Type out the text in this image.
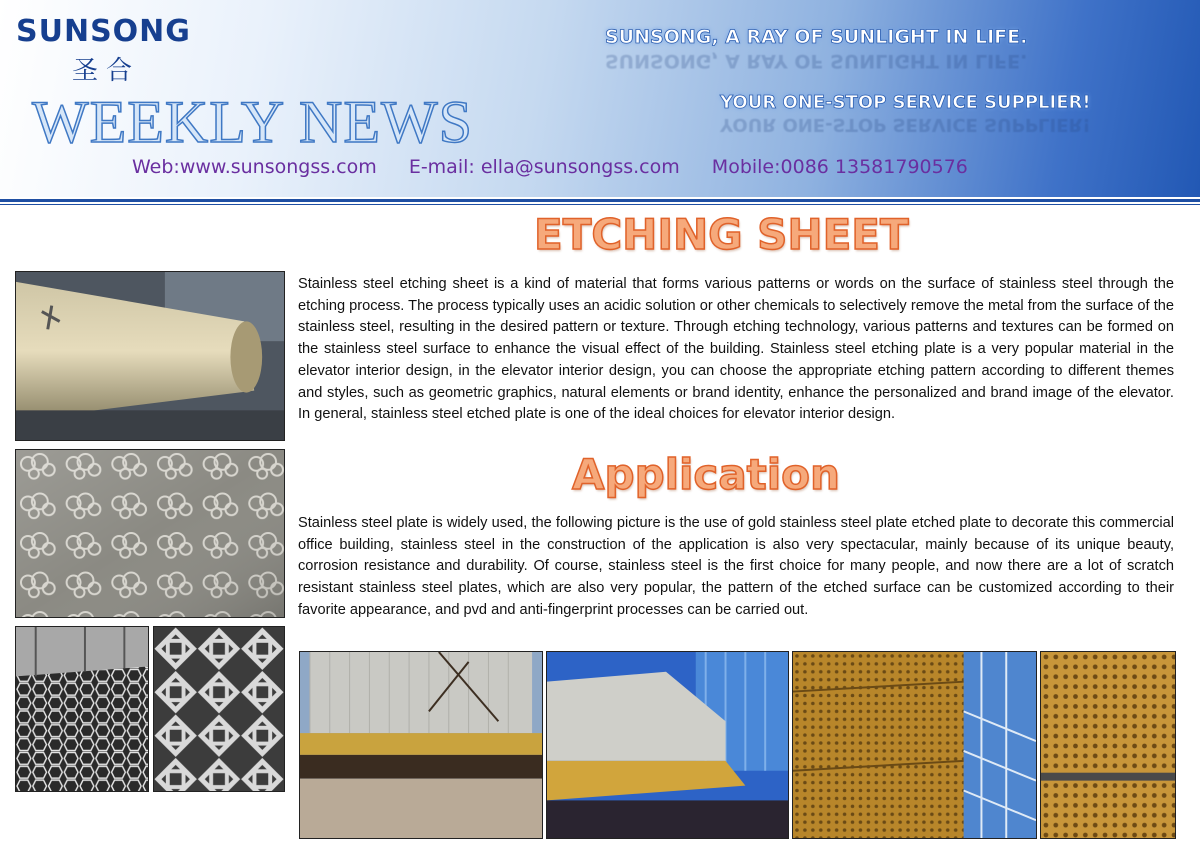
SUNSONG
圣合
WEEKLY NEWS
SUNSONG, A RAY OF SUNLIGHT IN LIFE.
SUNSONG, A RAY OF SUNLIGHT IN LIFE.
YOUR ONE-STOP SERVICE SUPPLIER!
YOUR ONE-STOP SERVICE SUPPLIER!
Web:www.sunsongss.com E-mail: ella@sunsongss.com Mobile:0086 13581790576
ETCHING SHEET

Stainless steel etching sheet is a kind of material that forms various patterns or words on the surface of stainless steel through the etching process. The process typically uses an acidic solution or other chemicals to selectively remove the metal from the surface of the stainless steel, resulting in the desired pattern or texture. Through etching technology, various patterns and textures can be formed on the stainless steel surface to enhance the visual effect of the building. Stainless steel etching plate is a very popular material in the elevator interior design, in the elevator interior design, you can choose the appropriate etching pattern according to different themes and styles, such as geometric graphics, natural elements or brand identity, enhance the personalized and brand image of the elevator. In general, stainless steel etched plate is one of the ideal choices for elevator interior design.

Application

Stainless steel plate is widely used, the following picture is the use of gold stainless steel plate etched plate to decorate this commercial office building, stainless steel in the construction of the application is also very spectacular, mainly because of its unique beauty, corrosion resistance and durability. Of course, stainless steel is the first choice for many people, and now there are a lot of scratch resistant stainless steel plates, which are also very popular, the pattern of the etched surface can be customized according to their favorite appearance, and pvd and anti-fingerprint processes can be carried out.
